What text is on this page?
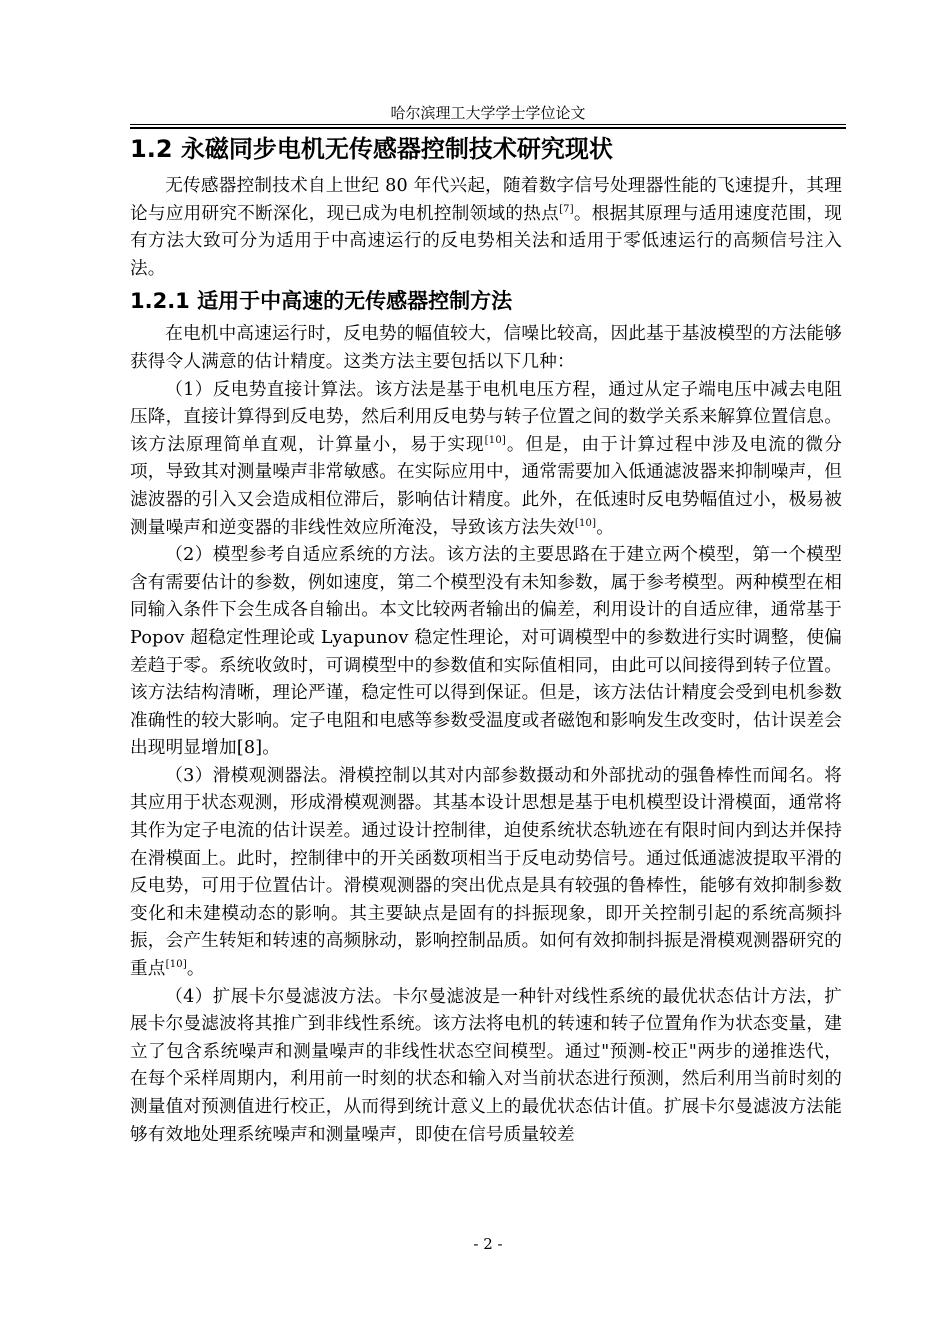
哈尔滨理工大学学士学位论文
1.2 永磁同步电机无传感器控制技术研究现状

无传感器控制技术自上世纪 80 年代兴起，随着数字信号处理器性能的飞速提升，其理论与应用研究不断深化，现已成为电机控制领域的热点[7]。根据其原理与适用速度范围，现有方法大致可分为适用于中高速运行的反电势相关法和适用于零低速运行的高频信号注入法。

1.2.1 适用于中高速的无传感器控制方法

在电机中高速运行时，反电势的幅值较大，信噪比较高，因此基于基波模型的方法能够获得令人满意的估计精度。这类方法主要包括以下几种：

（1）反电势直接计算法。该方法是基于电机电压方程，通过从定子端电压中减去电阻压降，直接计算得到反电势，然后利用反电势与转子位置之间的数学关系来解算位置信息。该方法原理简单直观，计算量小，易于实现[10]。但是，由于计算过程中涉及电流的微分项，导致其对测量噪声非常敏感。在实际应用中，通常需要加入低通滤波器来抑制噪声，但滤波器的引入又会造成相位滞后，影响估计精度。此外，在低速时反电势幅值过小，极易被测量噪声和逆变器的非线性效应所淹没，导致该方法失效[10]。

（2）模型参考自适应系统的方法。该方法的主要思路在于建立两个模型，第一个模型含有需要估计的参数，例如速度，第二个模型没有未知参数，属于参考模型。两种模型在相同输入条件下会生成各自输出。本文比较两者输出的偏差，利用设计的自适应律，通常基于 Popov 超稳定性理论或 Lyapunov 稳定性理论，对可调模型中的参数进行实时调整，使偏差趋于零。系统收敛时，可调模型中的参数值和实际值相同，由此可以间接得到转子位置。该方法结构清晰，理论严谨，稳定性可以得到保证。但是，该方法估计精度会受到电机参数准确性的较大影响。定子电阻和电感等参数受温度或者磁饱和影响发生改变时，估计误差会出现明显增加[8]。

（3）滑模观测器法。滑模控制以其对内部参数摄动和外部扰动的强鲁棒性而闻名。将其应用于状态观测，形成滑模观测器。其基本设计思想是基于电机模型设计滑模面，通常将其作为定子电流的估计误差。通过设计控制律，迫使系统状态轨迹在有限时间内到达并保持在滑模面上。此时，控制律中的开关函数项相当于反电动势信号。通过低通滤波提取平滑的反电势，可用于位置估计。滑模观测器的突出优点是具有较强的鲁棒性，能够有效抑制参数变化和未建模动态的影响。其主要缺点是固有的抖振现象，即开关控制引起的系统高频抖振，会产生转矩和转速的高频脉动，影响控制品质。如何有效抑制抖振是滑模观测器研究的重点[10]。

（4）扩展卡尔曼滤波方法。卡尔曼滤波是一种针对线性系统的最优状态估计方法，扩展卡尔曼滤波将其推广到非线性系统。该方法将电机的转速和转子位置角作为状态变量，建立了包含系统噪声和测量噪声的非线性状态空间模型。通过"预测-校正"两步的递推迭代，在每个采样周期内，利用前一时刻的状态和输入对当前状态进行预测，然后利用当前时刻的测量值对预测值进行校正，从而得到统计意义上的最优状态估计值。扩展卡尔曼滤波方法能够有效地处理系统噪声和测量噪声，即使在信号质量较差

- 2 -
